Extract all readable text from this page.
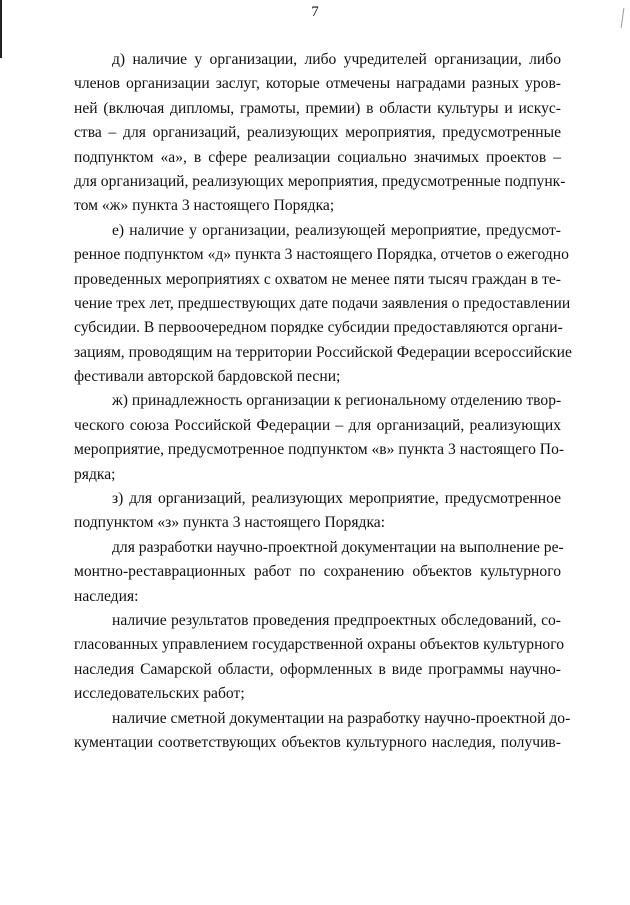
7
д) наличие у организации, либо учредителей организации, либо
членов организации заслуг, которые отмечены наградами разных уров-
ней (включая дипломы, грамоты, премии) в области культуры и искус-
ства – для организаций, реализующих мероприятия, предусмотренные
подпунктом «а», в сфере реализации социально значимых проектов –
для организаций, реализующих мероприятия, предусмотренные подпунк-
том «ж» пункта 3 настоящего Порядка;
е) наличие у организации, реализующей мероприятие, предусмот-
ренное подпунктом «д» пункта 3 настоящего Порядка, отчетов о ежегодно
проведенных мероприятиях с охватом не менее пяти тысяч граждан в те-
чение трех лет, предшествующих дате подачи заявления о предоставлении
субсидии. В первоочередном порядке субсидии предоставляются органи-
зациям, проводящим на территории Российской Федерации всероссийские
фестивали авторской бардовской песни;
ж) принадлежность организации к региональному отделению твор-
ческого союза Российской Федерации – для организаций, реализующих
мероприятие, предусмотренное подпунктом «в» пункта 3 настоящего По-
рядка;
з) для организаций, реализующих мероприятие, предусмотренное
подпунктом «з» пункта 3 настоящего Порядка:
для разработки научно-проектной документации на выполнение ре-
монтно-реставрационных работ по сохранению объектов культурного
наследия:
наличие результатов проведения предпроектных обследований, со-
гласованных управлением государственной охраны объектов культурного
наследия Самарской области, оформленных в виде программы научно-
исследовательских работ;
наличие сметной документации на разработку научно-проектной до-
кументации соответствующих объектов культурного наследия, получив-
